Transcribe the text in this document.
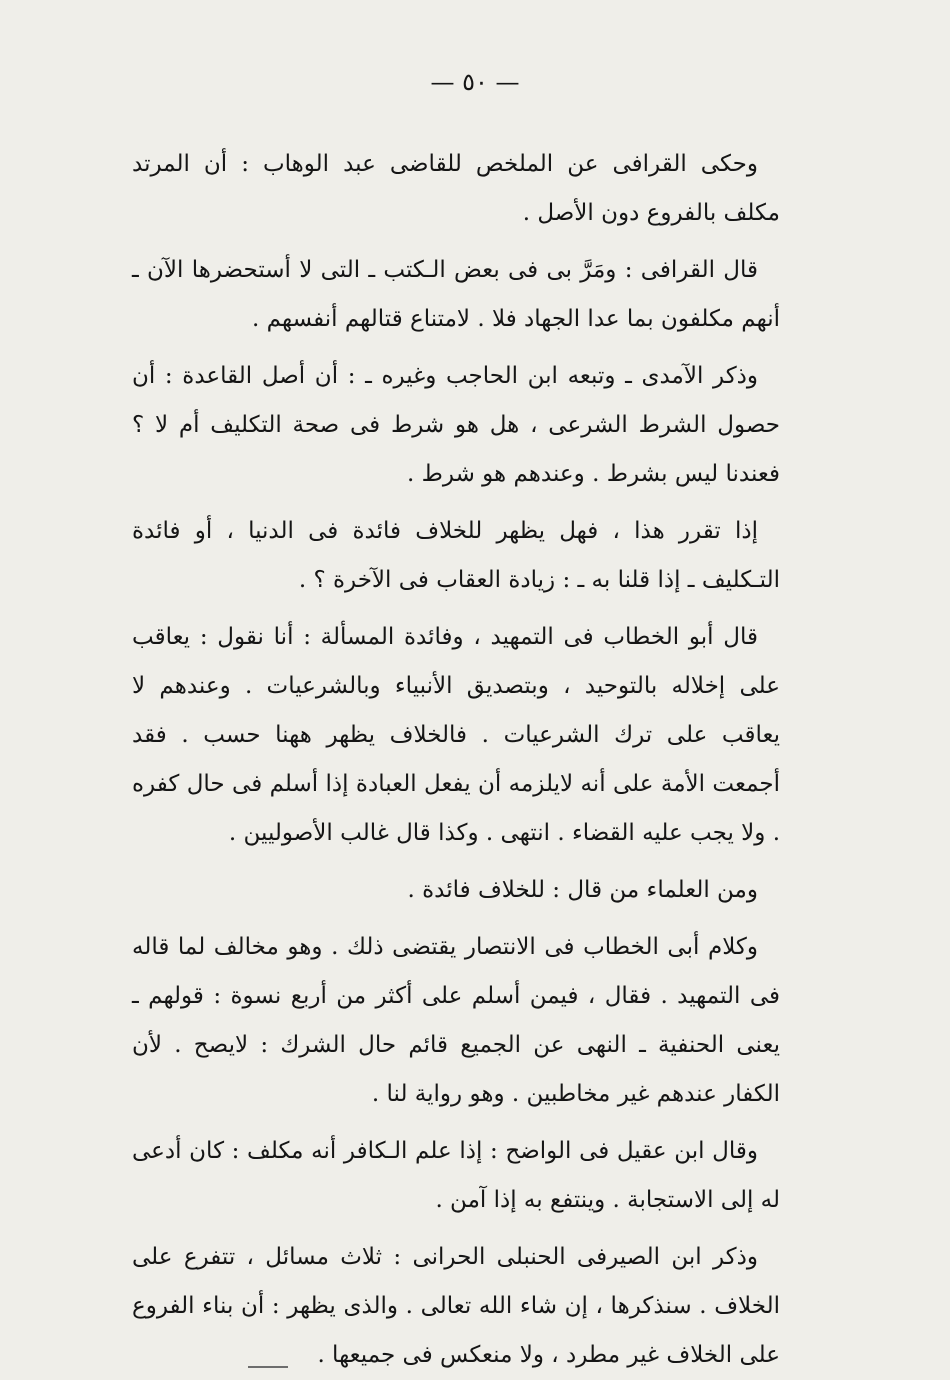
— ٥٠ —

وحكى القرافى عن الملخص للقاضى عبد الوهاب : أن المرتد مكلف بالفروع دون الأصل .

قال القرافى : ومَرَّ بى فى بعض الـكتب ـ التى لا أستحضرها الآن ـ أنهم مكلفون بما عدا الجهاد فلا . لامتناع قتالهم أنفسهم .

وذكر الآمدى ـ وتبعه ابن الحاجب وغيره ـ : أن أصل القاعدة : أن حصول الشرط الشرعى ، هل هو شرط فى صحة التكليف أم لا ؟ فعندنا ليس بشرط . وعندهم هو شرط .

إذا تقرر هذا ، فهل يظهر للخلاف فائدة فى الدنيا ، أو فائدة التـكليف ـ إذا قلنا به ـ : زيادة العقاب فى الآخرة ؟ .

قال أبو الخطاب فى التمهيد ، وفائدة المسألة : أنا نقول : يعاقب على إخلاله بالتوحيد ، وبتصديق الأنبياء وبالشرعيات . وعندهم لا يعاقب على ترك الشرعيات . فالخلاف يظهر ههنا حسب . فقد أجمعت الأمة على أنه لايلزمه أن يفعل العبادة إذا أسلم فى حال كفره . ولا يجب عليه القضاء . انتهى . وكذا قال غالب الأصوليين .

ومن العلماء من قال : للخلاف فائدة .

وكلام أبى الخطاب فى الانتصار يقتضى ذلك . وهو مخالف لما قاله فى التمهيد . فقال ، فيمن أسلم على أكثر من أربع نسوة : قولهم ـ يعنى الحنفية ـ النهى عن الجميع قائم حال الشرك : لايصح . لأن الكفار عندهم غير مخاطبين . وهو رواية لنا .

وقال ابن عقيل فى الواضح : إذا علم الـكافر أنه مكلف : كان أدعى له إلى الاستجابة . وينتفع به إذا آمن .

وذكر ابن الصيرفى الحنبلى الحرانى : ثلاث مسائل ، تتفرع على الخلاف . سنذكرها ، إن شاء الله تعالى . والذى يظهر : أن بناء الفروع على الخلاف غير مطرد ، ولا منعكس فى جميعها .
